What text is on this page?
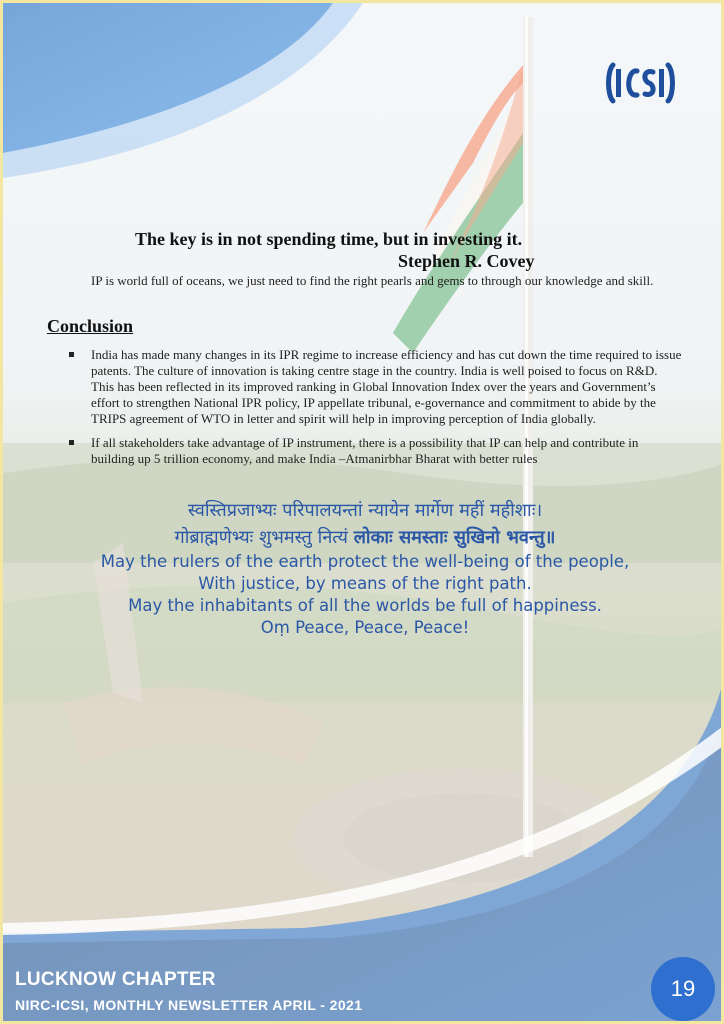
The key is in not spending time, but in investing it.
Stephen R. Covey
IP is world full of oceans, we just need to find the right pearls and gems to through our knowledge and skill.
Conclusion
India has made many changes in its IPR regime to increase efficiency and has cut down the time required to issue patents. The culture of innovation is taking centre stage in the country. India is well poised to focus on R&D. This has been reflected in its improved ranking in Global Innovation Index over the years and Government’s effort to strengthen National IPR policy, IP appellate tribunal, e-governance and commitment to abide by the TRIPS agreement of WTO in letter and spirit will help in improving perception of India globally.
If all stakeholders take advantage of IP instrument, there is a possibility that IP can help and contribute in building up 5 trillion economy, and make India –Atmanirbhar Bharat with better rules
स्वस्तिप्रजाभ्यः परिपालयन्तां न्यायेन मार्गेण महीं महीशाः।
गोब्राह्मणेभ्यः शुभमस्तु नित्यं लोकाः समस्ताः सुखिनो भवन्तु॥
May the rulers of the earth protect the well-being of the people,
With justice, by means of the right path.
May the inhabitants of all the worlds be full of happiness.
Oṃ Peace, Peace, Peace!
LUCKNOW CHAPTER
NIRC-ICSI, MONTHLY NEWSLETTER APRIL - 2021
19
